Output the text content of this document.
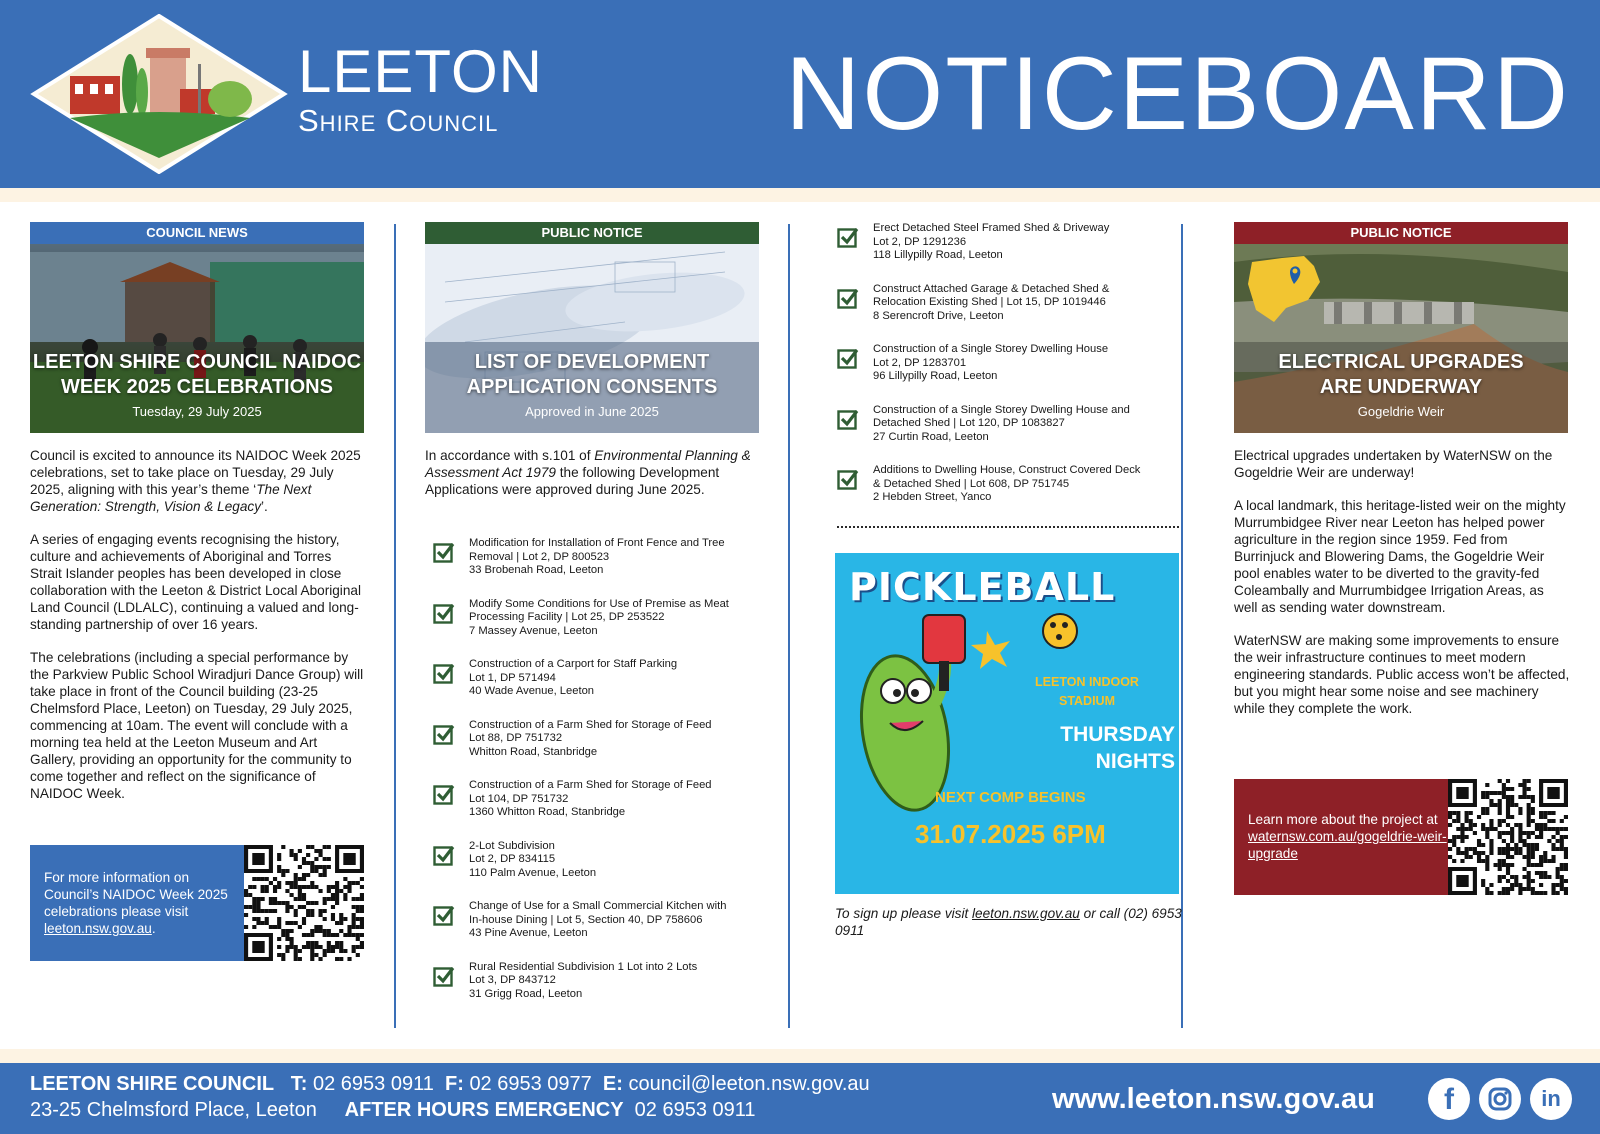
LEETON
Shire Council	NOTICEBOARD
COUNCIL NEWS
LEETON SHIRE COUNCIL NAIDOC
WEEK 2025 CELEBRATIONS
Tuesday, 29 July 2025

Council is excited to announce its NAIDOC Week 2025 celebrations, set to take place on Tuesday, 29 July 2025, aligning with this year’s theme ‘The Next Generation: Strength, Vision & Legacy’.

A series of engaging events recognising the history, culture and achievements of Aboriginal and Torres Strait Islander peoples has been developed in close collaboration with the Leeton & District Local Aboriginal Land Council (LDLALC), continuing a valued and long-standing partnership of over 16 years.

The celebrations (including a special performance by the Parkview Public School Wiradjuri Dance Group) will take place in front of the Council building (23-25 Chelmsford Place, Leeton) on Tuesday, 29 July 2025, commencing at 10am. The event will conclude with a morning tea held at the Leeton Museum and Art Gallery, providing an opportunity for the community to come together and reflect on the significance of NAIDOC Week.

For more information on Council’s NAIDOC Week 2025 celebrations please visit leeton.nsw.gov.au.
PUBLIC NOTICE
LIST OF DEVELOPMENT
APPLICATION CONSENTS
Approved in June 2025

In accordance with s.101 of Environmental Planning & Assessment Act 1979 the following Development Applications were approved during June 2025.

Modification for Installation of Front Fence and Tree
Removal | Lot 2, DP 800523
33 Brobenah Road, Leeton
Modify Some Conditions for Use of Premise as Meat
Processing Facility | Lot 25, DP 253522
7 Massey Avenue, Leeton
Construction of a Carport for Staff Parking
Lot 1, DP 571494
40 Wade Avenue, Leeton
Construction of a Farm Shed for Storage of Feed
Lot 88, DP 751732
Whitton Road, Stanbridge
Construction of a Farm Shed for Storage of Feed
Lot 104, DP 751732
1360 Whitton Road, Stanbridge
2-Lot Subdivision
Lot 2, DP 834115
110 Palm Avenue, Leeton
Change of Use for a Small Commercial Kitchen with
In-house Dining | Lot 5, Section 40, DP 758606
43 Pine Avenue, Leeton
Rural Residential Subdivision 1 Lot into 2 Lots
Lot 3, DP 843712
31 Grigg Road, Leeton
Erect Detached Steel Framed Shed & Driveway
Lot 2, DP 1291236
118 Lillypilly Road, Leeton
Construct Attached Garage & Detached Shed &
Relocation Existing Shed | Lot 15, DP 1019446
8 Serencroft Drive, Leeton
Construction of a Single Storey Dwelling House
Lot 2, DP 1283701
96 Lillypilly Road, Leeton
Construction of a Single Storey Dwelling House and
Detached Shed | Lot 120, DP 1083827
27 Curtin Road, Leeton
Additions to Dwelling House, Construct Covered Deck
& Detached Shed | Lot 608, DP 751745
2 Hebden Street, Yanco
PICKLEBALL
LEETON INDOOR
STADIUM
THURSDAY
NIGHTS
NEXT COMP BEGINS
31.07.2025 6PM
To sign up please visit leeton.nsw.gov.au or call (02) 6953 0911
PUBLIC NOTICE
ELECTRICAL UPGRADES
ARE UNDERWAY
Gogeldrie Weir

Electrical upgrades undertaken by WaterNSW on the Gogeldrie Weir are underway!

A local landmark, this heritage-listed weir on the mighty Murrumbidgee River near Leeton has helped power agriculture in the region since 1959. Fed from Burrinjuck and Blowering Dams, the Gogeldrie Weir pool enables water to be diverted to the gravity-fed Coleambally and Murrumbidgee Irrigation Areas, as well as sending water downstream.

WaterNSW are making some improvements to ensure the weir infrastructure continues to meet modern engineering standards. Public access won’t be affected, but you might hear some noise and see machinery while they complete the work.

Learn more about the project at waternsw.com.au/gogeldrie-weir-upgrade
LEETON SHIRE COUNCIL T: 02 6953 0911 F: 02 6953 0977 E: council@leeton.nsw.gov.au
23-25 Chelmsford Place, Leeton AFTER HOURS EMERGENCY 02 6953 0911	www.leeton.nsw.gov.au	f	in
